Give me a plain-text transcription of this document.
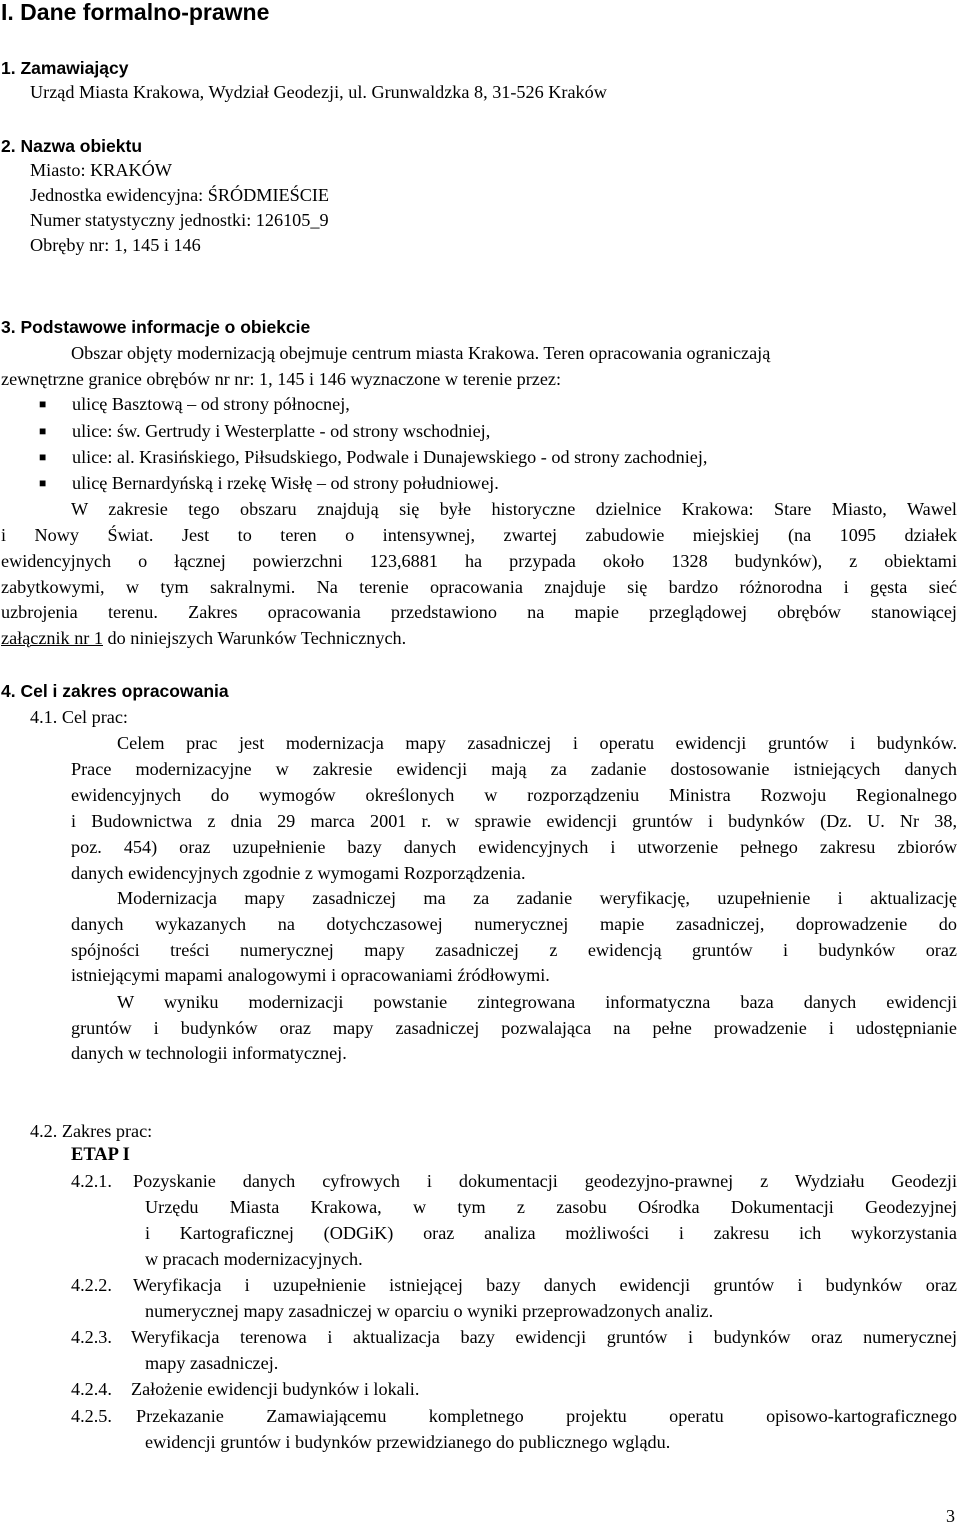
I. Dane formalno-prawne
1. Zamawiający
Urząd Miasta Krakowa, Wydział Geodezji, ul. Grunwaldzka 8, 31-526 Kraków
2. Nazwa obiektu
Miasto: KRAKÓW
Jednostka ewidencyjna: ŚRÓDMIEŚCIE
Numer statystyczny jednostki: 126105_9
Obręby nr: 1, 145 i 146
3. Podstawowe informacje o obiekcie
Obszar objęty modernizacją obejmuje centrum miasta Krakowa. Teren opracowania ograniczają
zewnętrzne granice obrębów nr nr: 1, 145 i 146 wyznaczone w terenie przez:
■ ulicę Basztową – od strony północnej,
■ ulice: św. Gertrudy i Westerplatte - od strony wschodniej,
■ ulice: al. Krasińskiego, Piłsudskiego, Podwale i Dunajewskiego - od strony zachodniej,
■ ulicę Bernardyńską i rzekę Wisłę – od strony południowej.
W zakresie tego obszaru znajdują się byłe historyczne dzielnice Krakowa: Stare Miasto, Wawel
i Nowy Świat. Jest to teren o intensywnej, zwartej zabudowie miejskiej (na 1095 działek
ewidencyjnych o łącznej powierzchni 123,6881 ha przypada około 1328 budynków), z obiektami
zabytkowymi, w tym sakralnymi. Na terenie opracowania znajduje się bardzo różnorodna i gęsta sieć
uzbrojenia terenu. Zakres opracowania przedstawiono na mapie przeglądowej obrębów stanowiącej
załącznik nr 1 do niniejszych Warunków Technicznych.
4. Cel i zakres opracowania
4.1. Cel prac:
Celem prac jest modernizacja mapy zasadniczej i operatu ewidencji gruntów i budynków.
Prace modernizacyjne w zakresie ewidencji mają za zadanie dostosowanie istniejących danych
ewidencyjnych do wymogów określonych w rozporządzeniu Ministra Rozwoju Regionalnego
i Budownictwa z dnia 29 marca 2001 r. w sprawie ewidencji gruntów i budynków (Dz. U. Nr 38,
poz. 454) oraz uzupełnienie bazy danych ewidencyjnych i utworzenie pełnego zakresu zbiorów
danych ewidencyjnych zgodnie z wymogami Rozporządzenia.
Modernizacja mapy zasadniczej ma za zadanie weryfikację, uzupełnienie i aktualizację
danych wykazanych na dotychczasowej numerycznej mapie zasadniczej, doprowadzenie do
spójności treści numerycznej mapy zasadniczej z ewidencją gruntów i budynków oraz
istniejącymi mapami analogowymi i opracowaniami źródłowymi.
W wyniku modernizacji powstanie zintegrowana informatyczna baza danych ewidencji
gruntów i budynków oraz mapy zasadniczej pozwalająca na pełne prowadzenie i udostępnianie
danych w technologii informatycznej.
4.2. Zakres prac:
ETAP I
4.2.1. Pozyskanie danych cyfrowych i dokumentacji geodezyjno-prawnej z Wydziału Geodezji
Urzędu Miasta Krakowa, w tym z zasobu Ośrodka Dokumentacji Geodezyjnej
i Kartograficznej (ODGiK) oraz analiza możliwości i zakresu ich wykorzystania
w pracach modernizacyjnych.
4.2.2. Weryfikacja i uzupełnienie istniejącej bazy danych ewidencji gruntów i budynków oraz
numerycznej mapy zasadniczej w oparciu o wyniki przeprowadzonych analiz.
4.2.3. Weryfikacja terenowa i aktualizacja bazy ewidencji gruntów i budynków oraz numerycznej
mapy zasadniczej.
4.2.4. Założenie ewidencji budynków i lokali.
4.2.5. Przekazanie Zamawiającemu kompletnego projektu operatu opisowo-kartograficznego
ewidencji gruntów i budynków przewidzianego do publicznego wglądu.
3
